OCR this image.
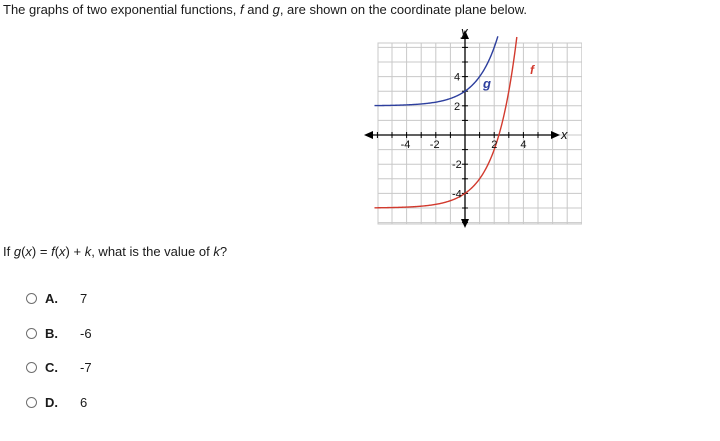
The graphs of two exponential functions, f and g, are shown on the coordinate plane below.
-4 -2	2 4
4
2
-2
-4
y
x
f
g
If g(x) = f(x) + k, what is the value of k?
A.	7
B.	-6
C.	-7
D.	6
